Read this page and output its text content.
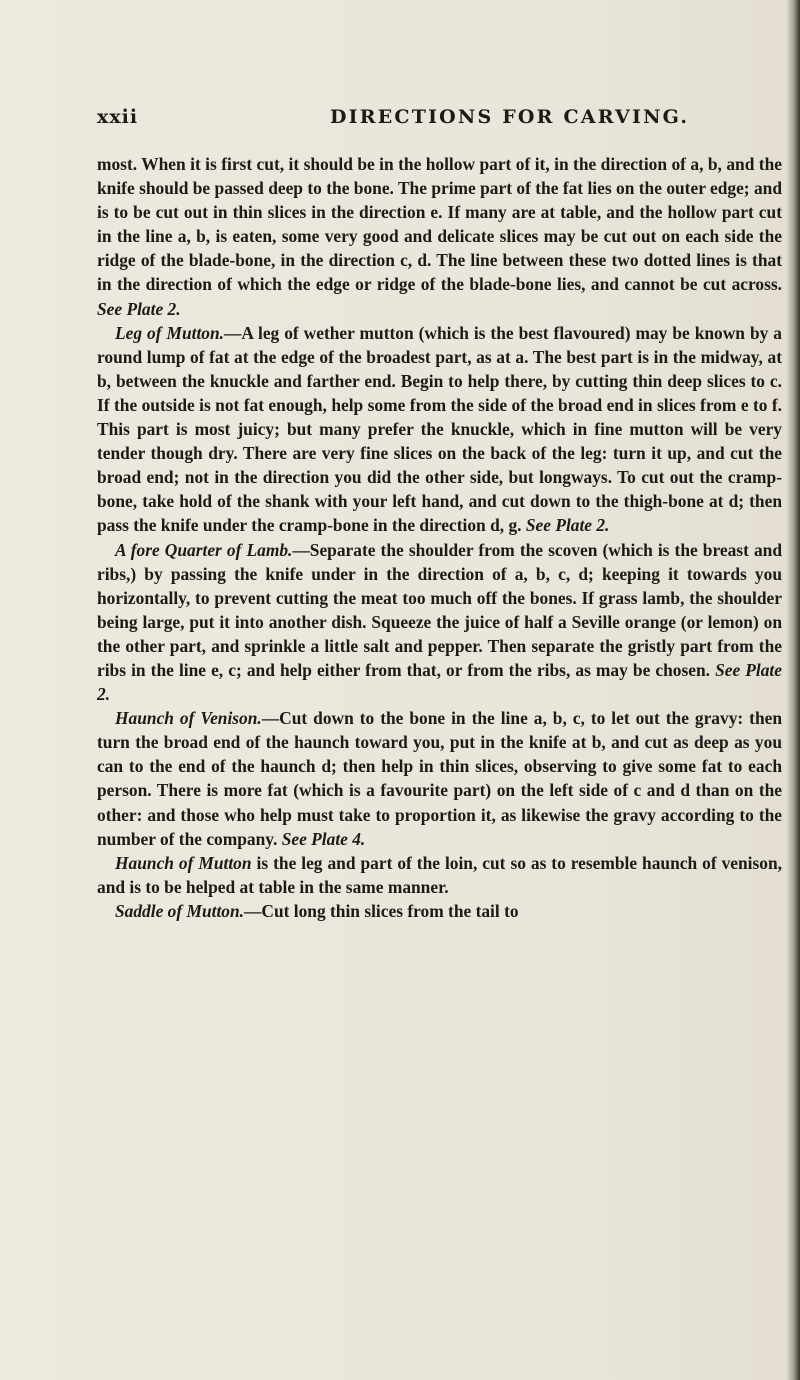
xxii	DIRECTIONS FOR CARVING.

most. When it is first cut, it should be in the hollow part of it, in the direction of a, b, and the knife should be passed deep to the bone. The prime part of the fat lies on the outer edge; and is to be cut out in thin slices in the direction e. If many are at table, and the hollow part cut in the line a, b, is eaten, some very good and delicate slices may be cut out on each side the ridge of the blade-bone, in the direction c, d. The line between these two dotted lines is that in the direction of which the edge or ridge of the blade-bone lies, and cannot be cut across. See Plate 2.

Leg of Mutton.—A leg of wether mutton (which is the best flavoured) may be known by a round lump of fat at the edge of the broadest part, as at a. The best part is in the midway, at b, between the knuckle and farther end. Begin to help there, by cutting thin deep slices to c. If the outside is not fat enough, help some from the side of the broad end in slices from e to f. This part is most juicy; but many prefer the knuckle, which in fine mutton will be very tender though dry. There are very fine slices on the back of the leg: turn it up, and cut the broad end; not in the direction you did the other side, but longways. To cut out the cramp-bone, take hold of the shank with your left hand, and cut down to the thigh-bone at d; then pass the knife under the cramp-bone in the direction d, g. See Plate 2.

A fore Quarter of Lamb.—Separate the shoulder from the scoven (which is the breast and ribs,) by passing the knife under in the direction of a, b, c, d; keeping it towards you horizontally, to prevent cutting the meat too much off the bones. If grass lamb, the shoulder being large, put it into another dish. Squeeze the juice of half a Seville orange (or lemon) on the other part, and sprinkle a little salt and pepper. Then separate the gristly part from the ribs in the line e, c; and help either from that, or from the ribs, as may be chosen. See Plate 2.

Haunch of Venison.—Cut down to the bone in the line a, b, c, to let out the gravy: then turn the broad end of the haunch toward you, put in the knife at b, and cut as deep as you can to the end of the haunch d; then help in thin slices, observing to give some fat to each person. There is more fat (which is a favourite part) on the left side of c and d than on the other: and those who help must take to proportion it, as likewise the gravy according to the number of the company. See Plate 4.

Haunch of Mutton is the leg and part of the loin, cut so as to resemble haunch of venison, and is to be helped at table in the same manner.

Saddle of Mutton.—Cut long thin slices from the tail to
